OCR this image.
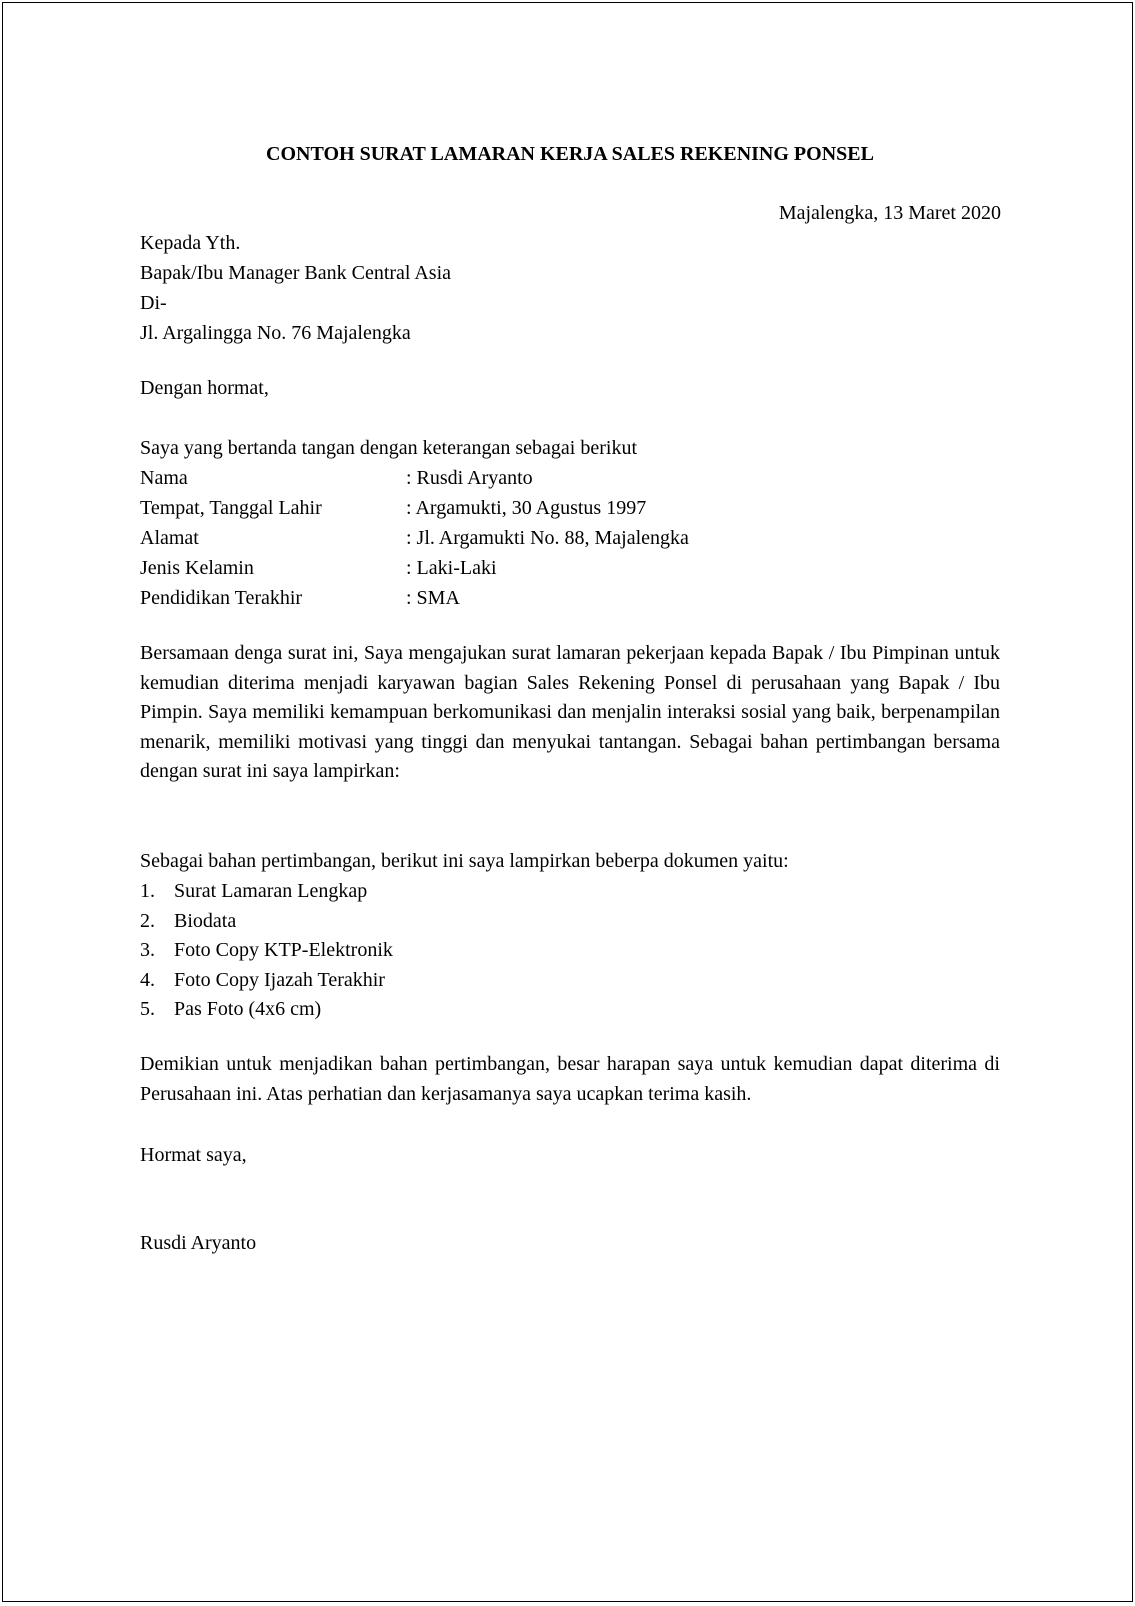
CONTOH SURAT LAMARAN KERJA SALES REKENING PONSEL
Majalengka, 13 Maret 2020
Kepada Yth.
Bapak/Ibu Manager Bank Central Asia
Di-
Jl. Argalingga No. 76 Majalengka
Dengan hormat,
Saya yang bertanda tangan dengan keterangan sebagai berikut
Nama	: Rusdi Aryanto
Tempat, Tanggal Lahir	: Argamukti, 30 Agustus 1997
Alamat	: Jl. Argamukti No. 88, Majalengka
Jenis Kelamin	: Laki-Laki
Pendidikan Terakhir	: SMA

Bersamaan denga surat ini, Saya mengajukan surat lamaran pekerjaan kepada Bapak / Ibu Pimpinan untuk kemudian diterima menjadi karyawan bagian Sales Rekening Ponsel di perusahaan yang Bapak / Ibu Pimpin. Saya memiliki kemampuan berkomunikasi dan menjalin interaksi sosial yang baik, berpenampilan menarik, memiliki motivasi yang tinggi dan menyukai tantangan. Sebagai bahan pertimbangan bersama dengan surat ini saya lampirkan:

Sebagai bahan pertimbangan, berikut ini saya lampirkan beberpa dokumen yaitu:
1. Surat Lamaran Lengkap
2. Biodata
3. Foto Copy KTP-Elektronik
4. Foto Copy Ijazah Terakhir
5. Pas Foto (4x6 cm)

Demikian untuk menjadikan bahan pertimbangan, besar harapan saya untuk kemudian dapat diterima di Perusahaan ini. Atas perhatian dan kerjasamanya saya ucapkan terima kasih.

Hormat saya,
Rusdi Aryanto
